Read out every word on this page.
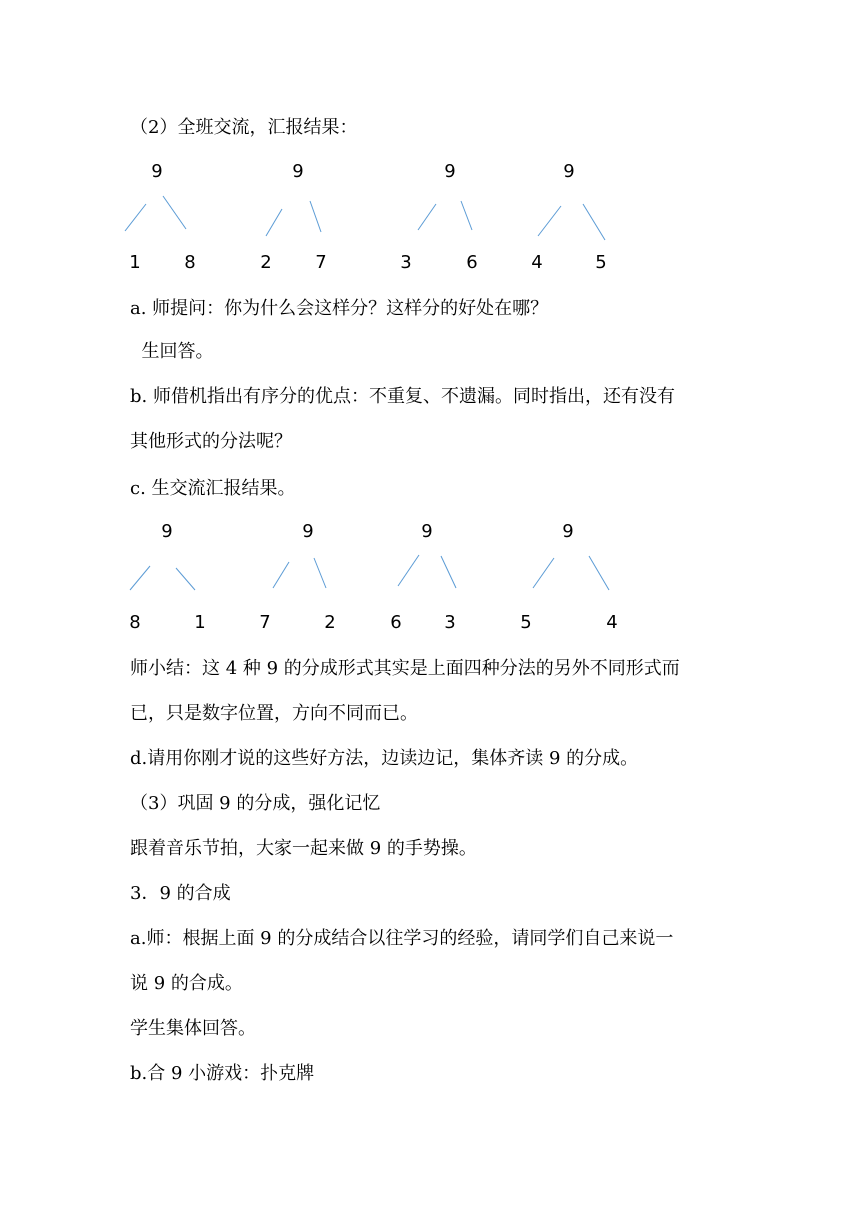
（2）全班交流，汇报结果：
9
1 8
9
2 7
9
3	6
9
4	5
a. 师提问：你为什么会这样分？这样分的好处在哪？
生回答。
b. 师借机指出有序分的优点：不重复、不遗漏。同时指出，还有没有
其他形式的分法呢？
c. 生交流汇报结果。
9
8	1
9
7	2
9
6 3
9
5	4
师小结：这 4 种 9 的分成形式其实是上面四种分法的另外不同形式而
已，只是数字位置，方向不同而已。
d.请用你刚才说的这些好方法，边读边记，集体齐读 9 的分成。
（3）巩固 9 的分成，强化记忆
跟着音乐节拍，大家一起来做 9 的手势操。
3．9 的合成
a.师：根据上面 9 的分成结合以往学习的经验，请同学们自己来说一
说 9 的合成。
学生集体回答。
b.合 9 小游戏：扑克牌
